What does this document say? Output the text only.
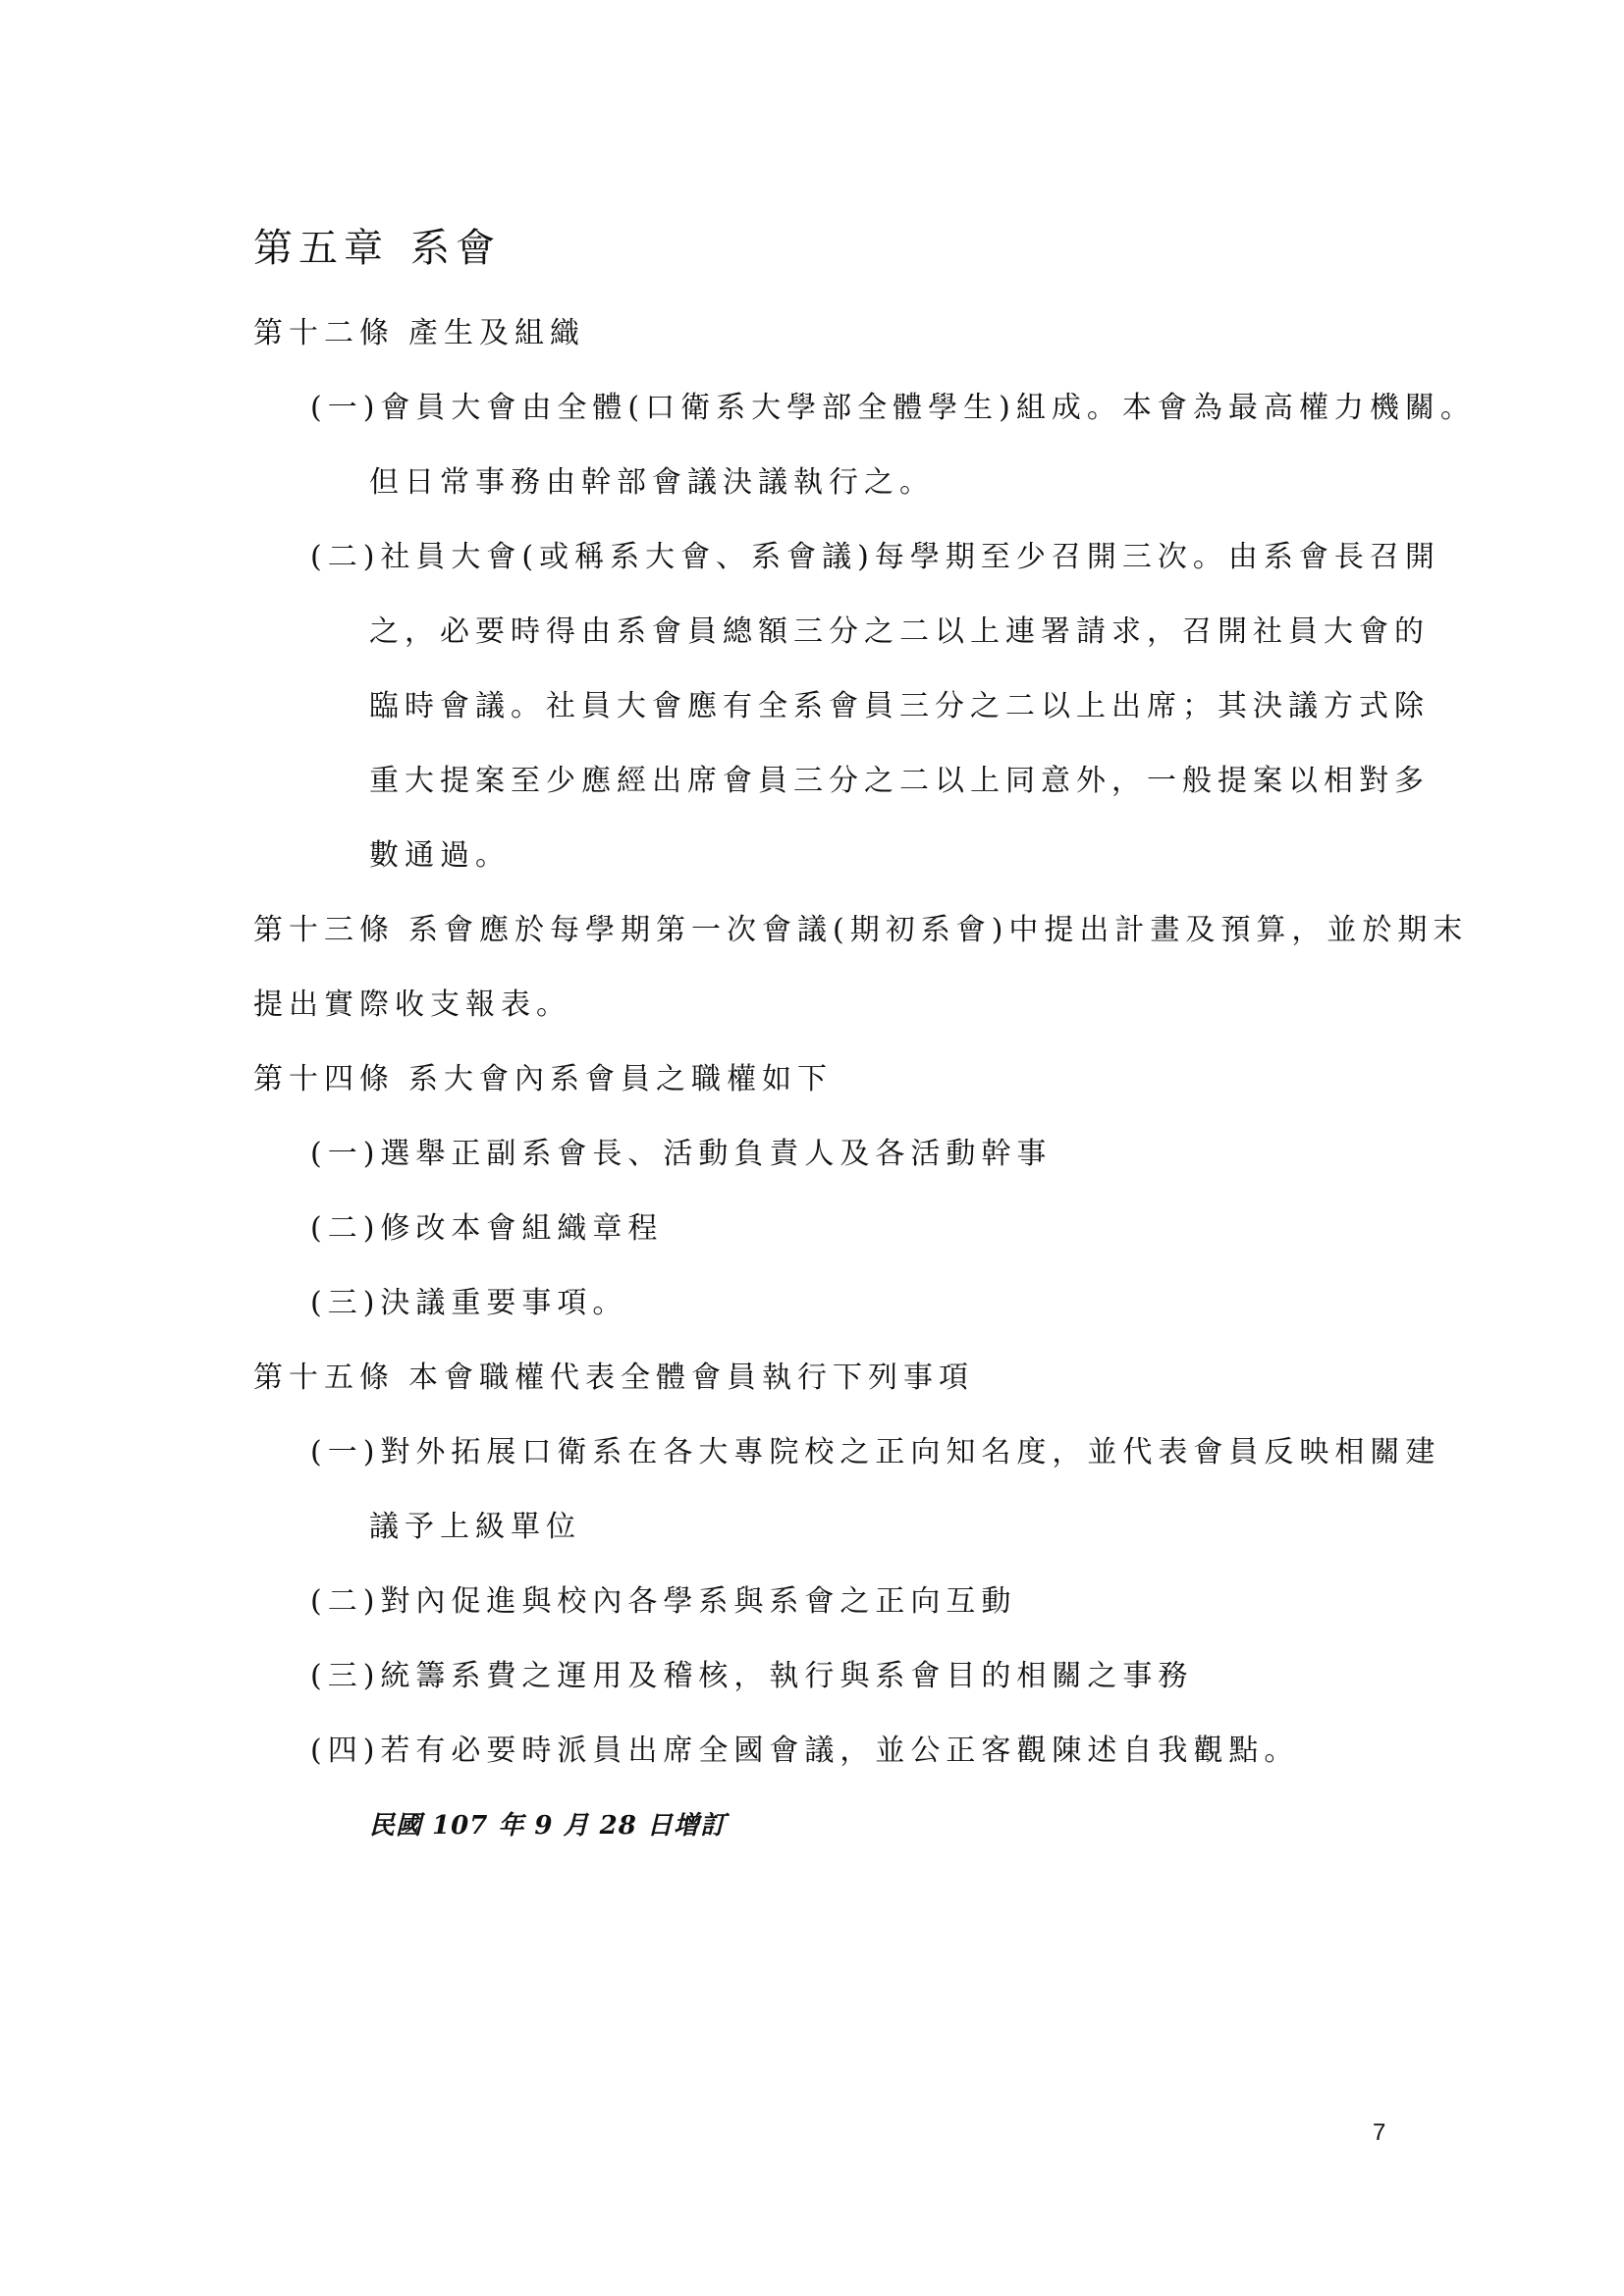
第五章 系會
第十二條 產生及組織
(一)會員大會由全體(口衛系大學部全體學生)組成。本會為最高權力機關。
但日常事務由幹部會議決議執行之。
(二)社員大會(或稱系大會、系會議)每學期至少召開三次。由系會長召開
之，必要時得由系會員總額三分之二以上連署請求，召開社員大會的
臨時會議。社員大會應有全系會員三分之二以上出席；其決議方式除
重大提案至少應經出席會員三分之二以上同意外，一般提案以相對多
數通過。
第十三條 系會應於每學期第一次會議(期初系會)中提出計畫及預算，並於期末
提出實際收支報表。
第十四條 系大會內系會員之職權如下
(一)選舉正副系會長、活動負責人及各活動幹事
(二)修改本會組織章程
(三)決議重要事項。
第十五條 本會職權代表全體會員執行下列事項
(一)對外拓展口衛系在各大專院校之正向知名度，並代表會員反映相關建
議予上級單位
(二)對內促進與校內各學系與系會之正向互動
(三)統籌系費之運用及稽核，執行與系會目的相關之事務
(四)若有必要時派員出席全國會議，並公正客觀陳述自我觀點。
民國 107 年 9 月 28 日增訂
7
